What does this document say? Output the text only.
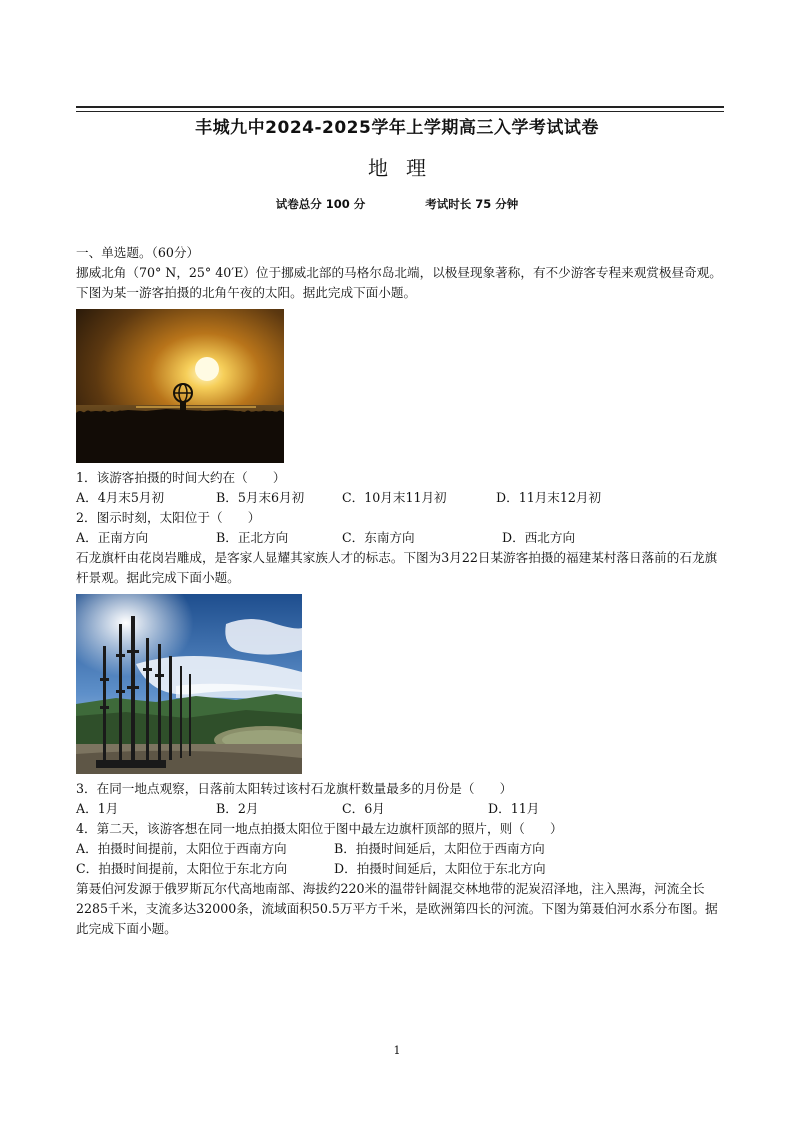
丰城九中2024-2025学年上学期高三入学考试试卷
地理
试卷总分 100 分	考试时长 75 分钟

一、单选题。（60分）

挪威北角（70° N，25° 40′E）位于挪威北部的马格尔岛北端，以极昼现象著称，有不少游客专程来观赏极昼奇观。下图为某一游客拍摄的北角午夜的太阳。据此完成下面小题。

1．该游客拍摄的时间大约在（　　）

A．4月末5月初	B．5月末6月初	C．10月末11月初	D．11月末12月初

2．图示时刻，太阳位于（　　）

A．正南方向	B．正北方向	C．东南方向	D．西北方向

石龙旗杆由花岗岩雕成，是客家人显耀其家族人才的标志。下图为3月22日某游客拍摄的福建某村落日落前的石龙旗杆景观。据此完成下面小题。

3．在同一地点观察，日落前太阳转过该村石龙旗杆数量最多的月份是（　　）

A．1月	B．2月	C．6月	D．11月

4．第二天，该游客想在同一地点拍摄太阳位于图中最左边旗杆顶部的照片，则（　　）

A．拍摄时间提前，太阳位于西南方向	B．拍摄时间延后，太阳位于西南方向
C．拍摄时间提前，太阳位于东北方向	D．拍摄时间延后，太阳位于东北方向

第聂伯河发源于俄罗斯瓦尔代高地南部、海拔约220米的温带针阔混交林地带的泥炭沼泽地，注入黑海，河流全长2285千米，支流多达32000条，流域面积50.5万平方千米，是欧洲第四长的河流。下图为第聂伯河水系分布图。据此完成下面小题。

1
